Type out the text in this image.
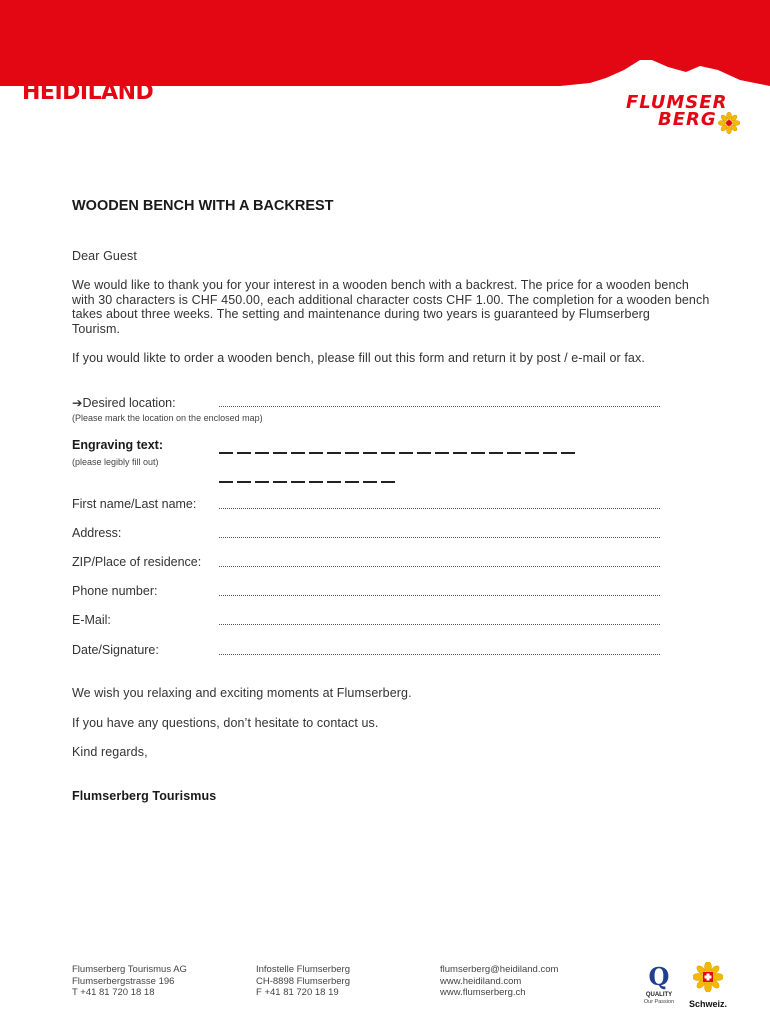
HEIDILAND	FLUMSER
BERG
WOODEN BENCH WITH A BACKREST
Dear Guest
We would like to thank you for your interest in a wooden bench with a backrest. The price for a wooden bench
with 30 characters is CHF 450.00, each additional character costs CHF 1.00. The completion for a wooden bench
takes about three weeks. The setting and maintenance during two years is guaranteed by Flumserberg
Tourism.
If you would likte to order a wooden bench, please fill out this form and return it by post / e-mail or fax.
➔Desired location:
(Please mark the location on the enclosed map)
Engraving text:
(please legibly fill out)
First name/Last name:
Address:
ZIP/Place of residence:
Phone number:
E-Mail:
Date/Signature:
We wish you relaxing and exciting moments at Flumserberg.
If you have any questions, don’t hesitate to contact us.
Kind regards,
Flumserberg Tourismus
Flumserberg Tourismus AG
Flumserbergstrasse 196
T +41 81 720 18 18
Infostelle Flumserberg
CH-8898 Flumserberg
F +41 81 720 18 19
flumserberg@heidiland.com
www.heidiland.com
www.flumserberg.ch
Q
QUALITY
Our Passion	Schweiz.
